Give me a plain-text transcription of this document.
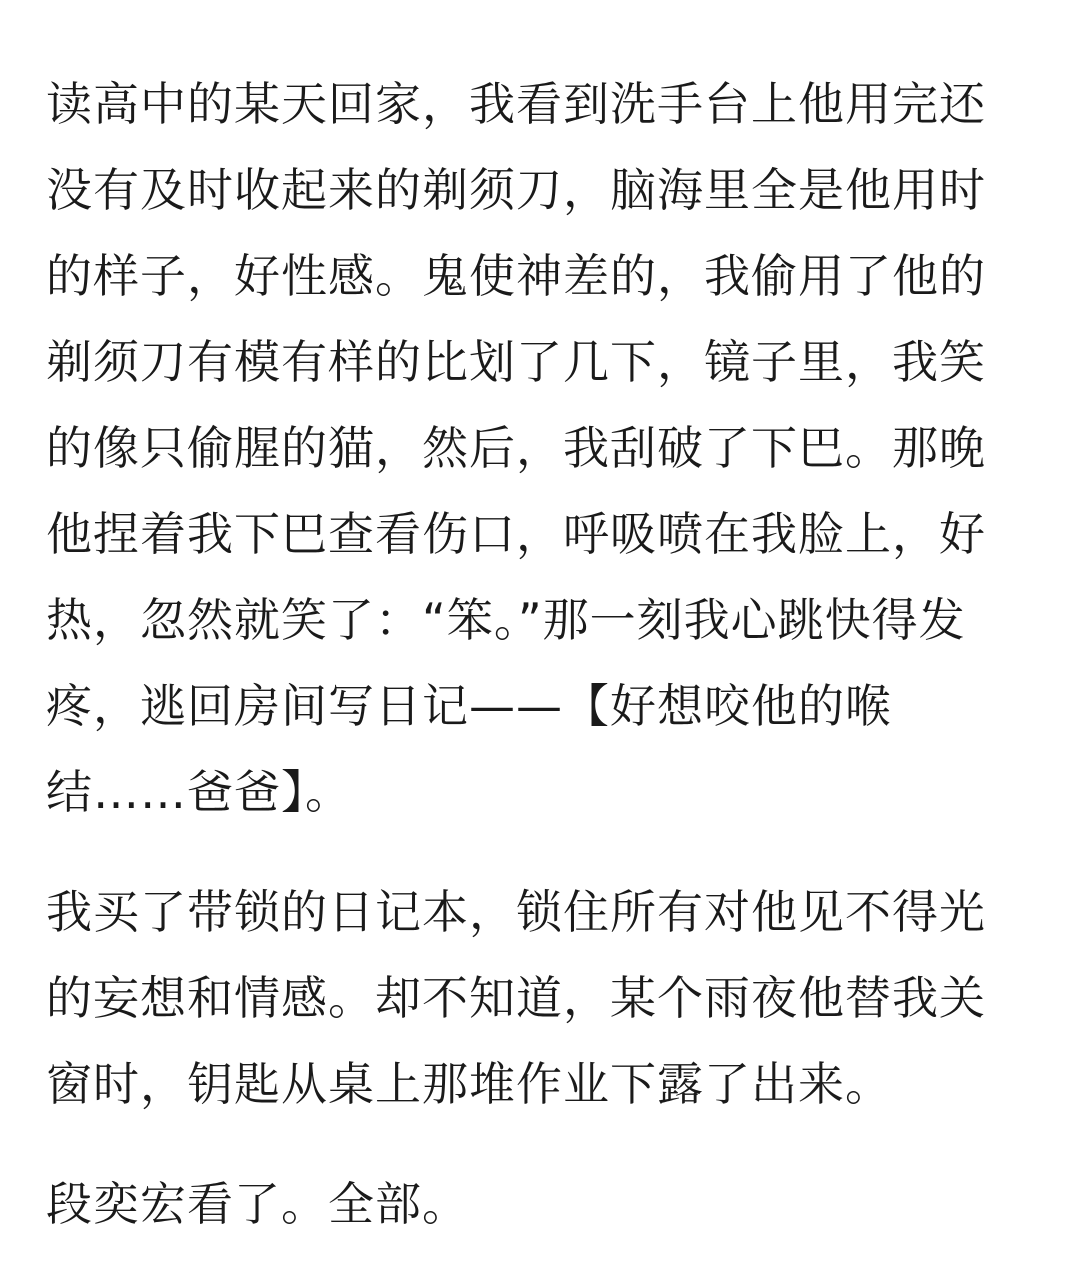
读高中的某天回家，我看到洗手台上他用完还
没有及时收起来的剃须刀，脑海里全是他用时
的样子，好性感。鬼使神差的，我偷用了他的
剃须刀有模有样的比划了几下，镜子里，我笑
的像只偷腥的猫，然后，我刮破了下巴。那晚
他捏着我下巴查看伤口，呼吸喷在我脸上，好
热，忽然就笑了：“笨。”那一刻我心跳快得发
疼，逃回房间写日记——【好想咬他的喉
结……爸爸】。

我买了带锁的日记本，锁住所有对他见不得光
的妄想和情感。却不知道，某个雨夜他替我关
窗时，钥匙从桌上那堆作业下露了出来。

段奕宏看了。全部。
